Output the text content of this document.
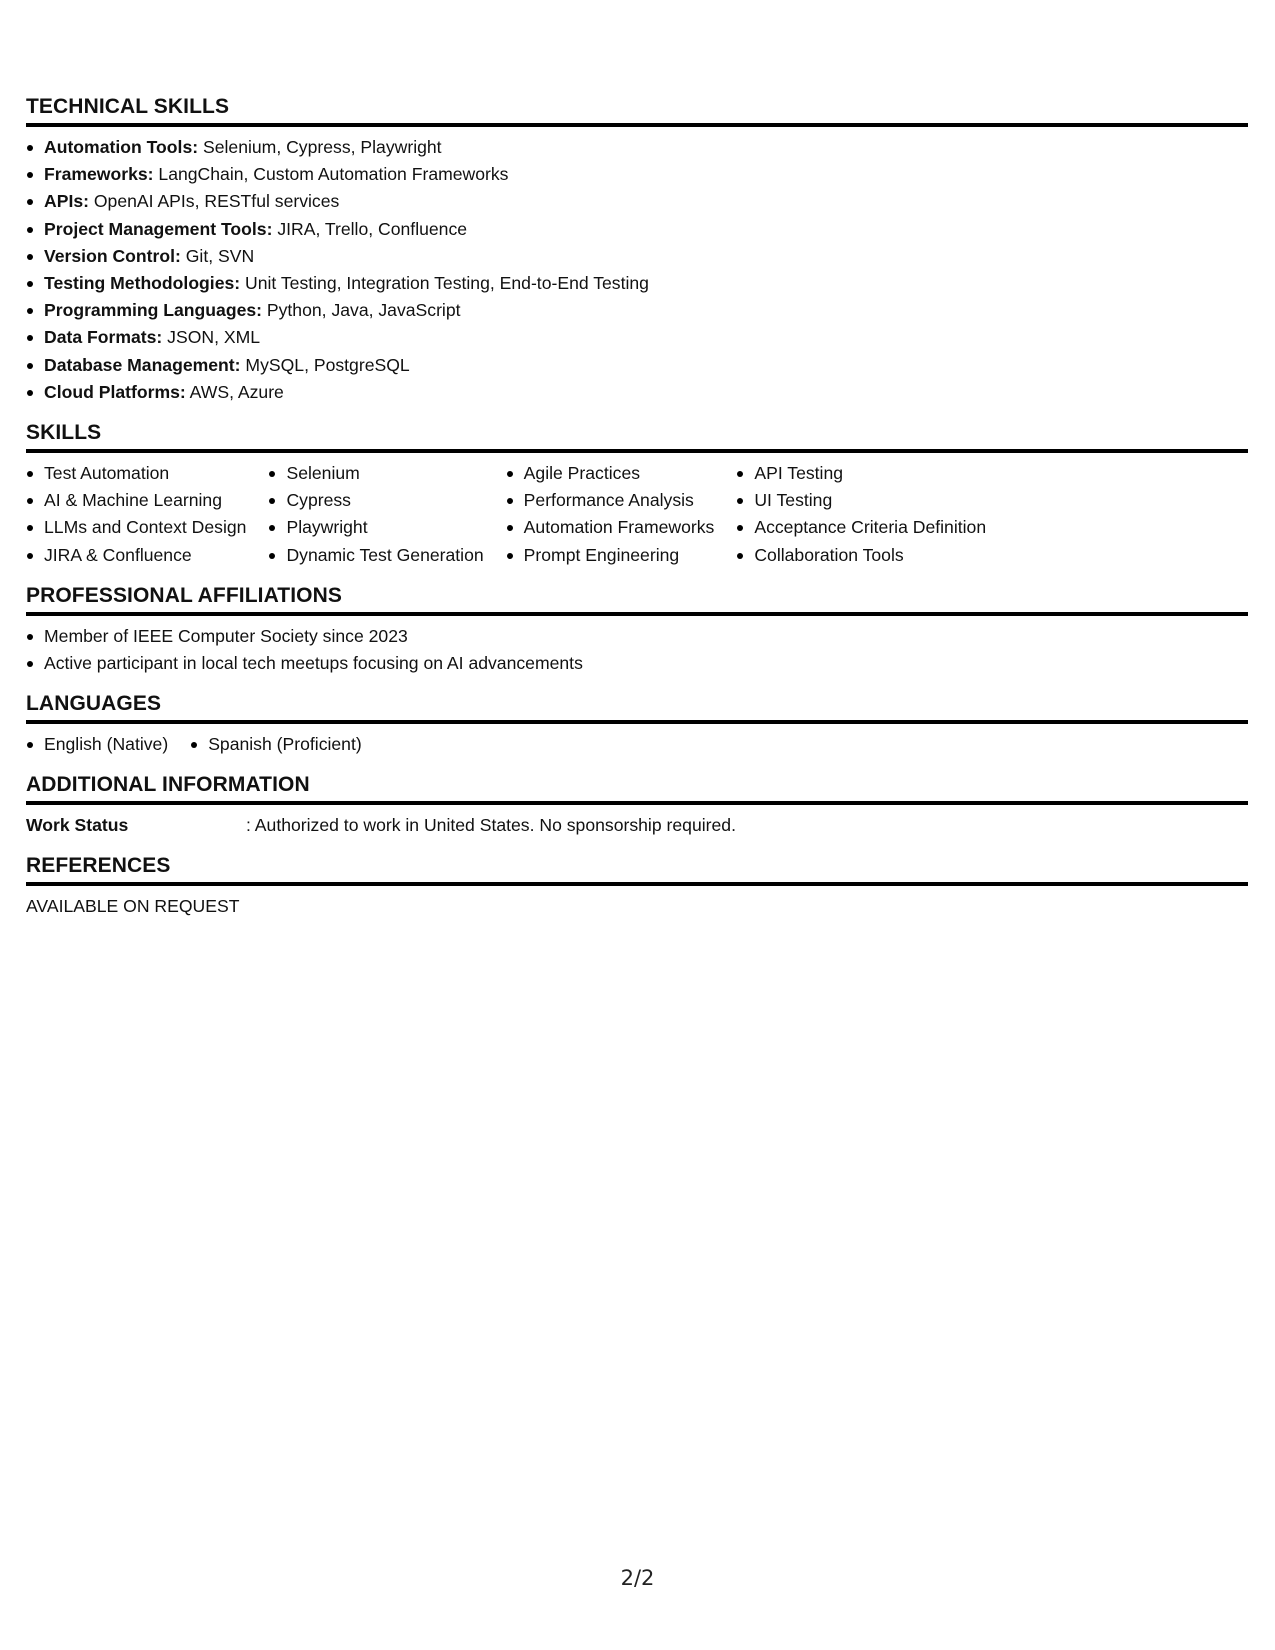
TECHNICAL SKILLS
Automation Tools: Selenium, Cypress, Playwright
Frameworks: LangChain, Custom Automation Frameworks
APIs: OpenAI APIs, RESTful services
Project Management Tools: JIRA, Trello, Confluence
Version Control: Git, SVN
Testing Methodologies: Unit Testing, Integration Testing, End-to-End Testing
Programming Languages: Python, Java, JavaScript
Data Formats: JSON, XML
Database Management: MySQL, PostgreSQL
Cloud Platforms: AWS, Azure
SKILLS
Test Automation
AI & Machine Learning
LLMs and Context Design
JIRA & Confluence
Selenium
Cypress
Playwright
Dynamic Test Generation
Agile Practices
Performance Analysis
Automation Frameworks
Prompt Engineering
API Testing
UI Testing
Acceptance Criteria Definition
Collaboration Tools
PROFESSIONAL AFFILIATIONS
Member of IEEE Computer Society since 2023
Active participant in local tech meetups focusing on AI advancements
LANGUAGES
English (Native)	Spanish (Proficient)
ADDITIONAL INFORMATION
Work Status	: Authorized to work in United States. No sponsorship required.
REFERENCES
AVAILABLE ON REQUEST
2/2
